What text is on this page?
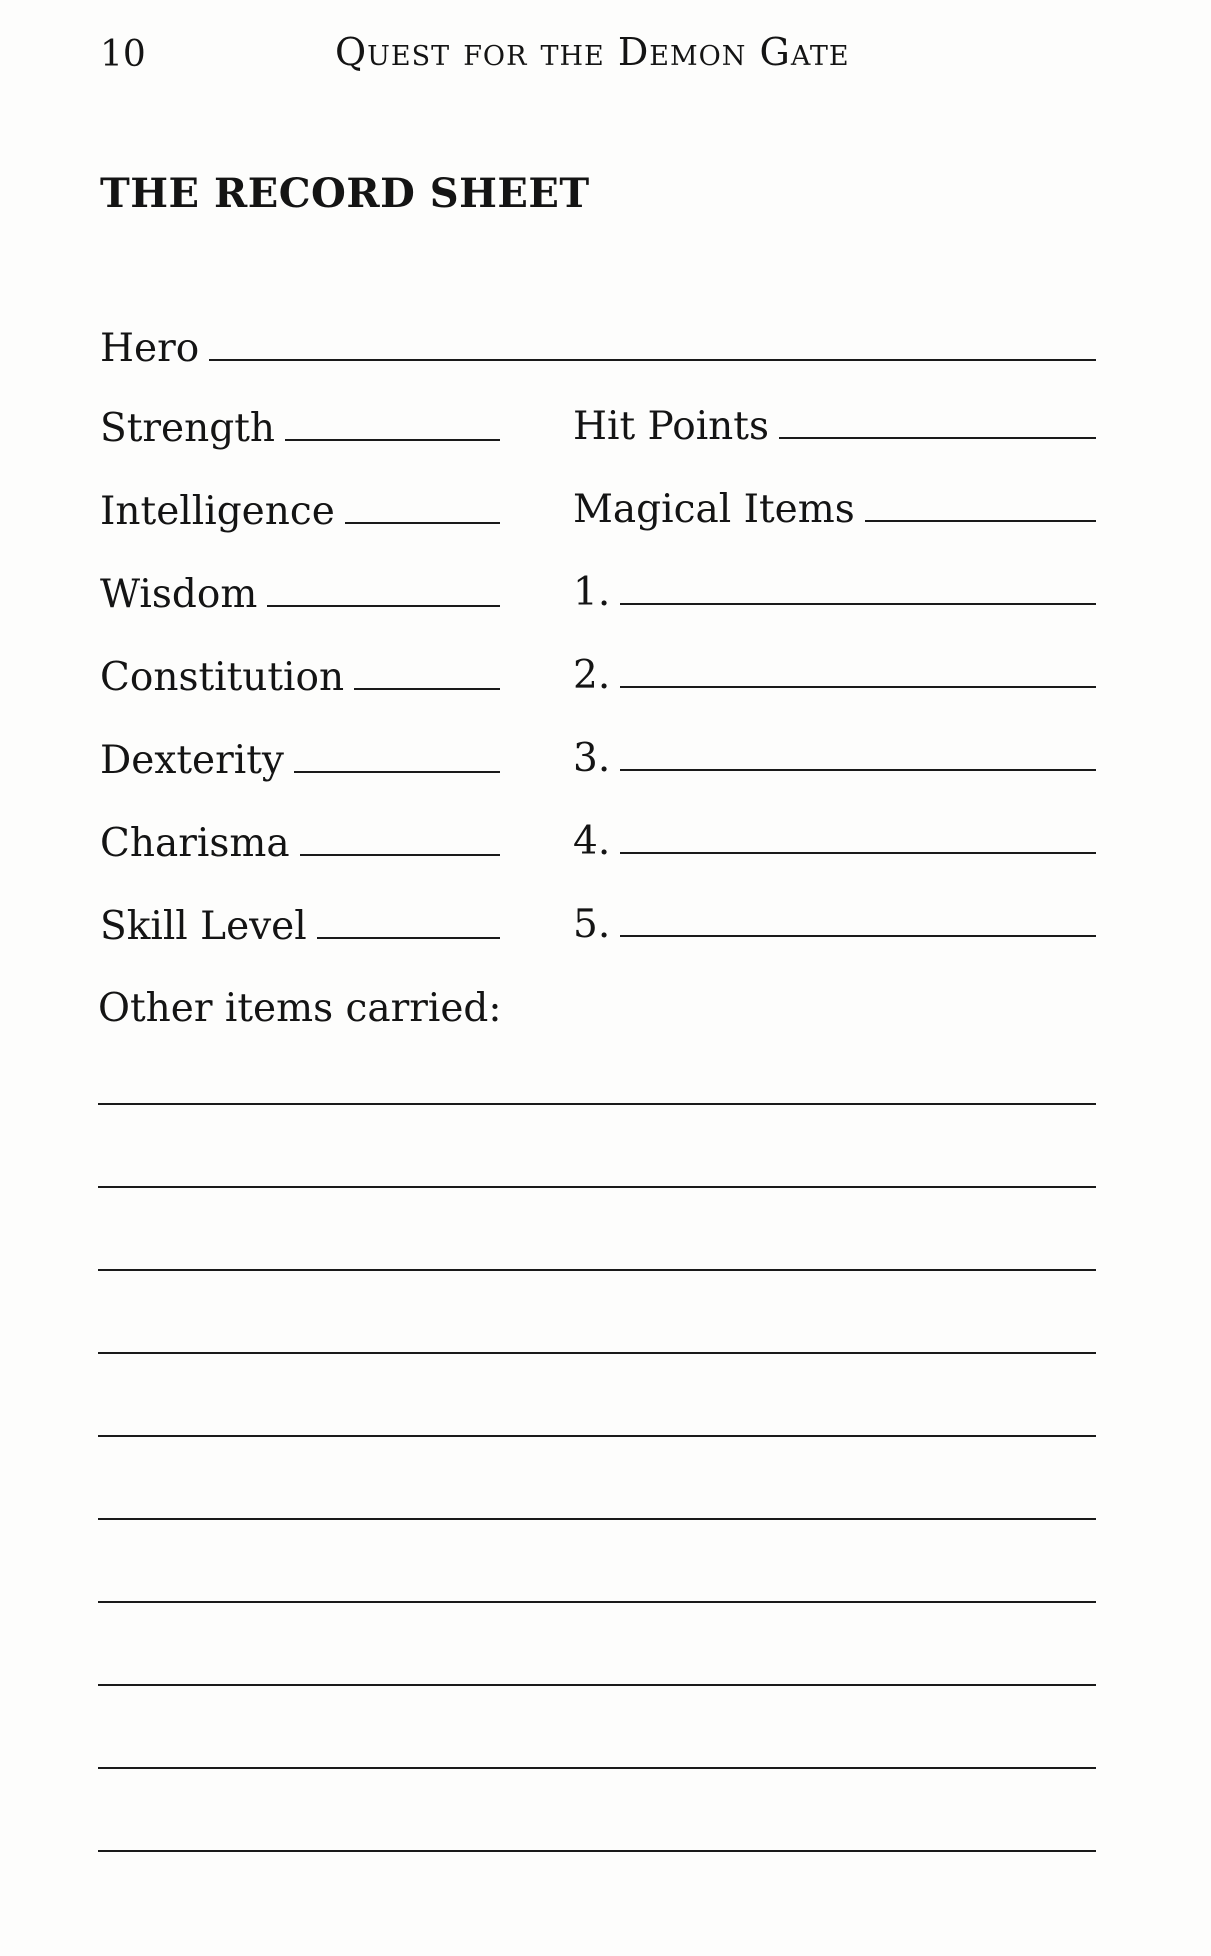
10	Quest for the Demon Gate
THE RECORD SHEET
Hero
Strength
Intelligence
Wisdom
Constitution
Dexterity
Charisma
Skill Level
Hit Points
Magical Items
1.
2.
3.
4.
5.
Other items carried:
